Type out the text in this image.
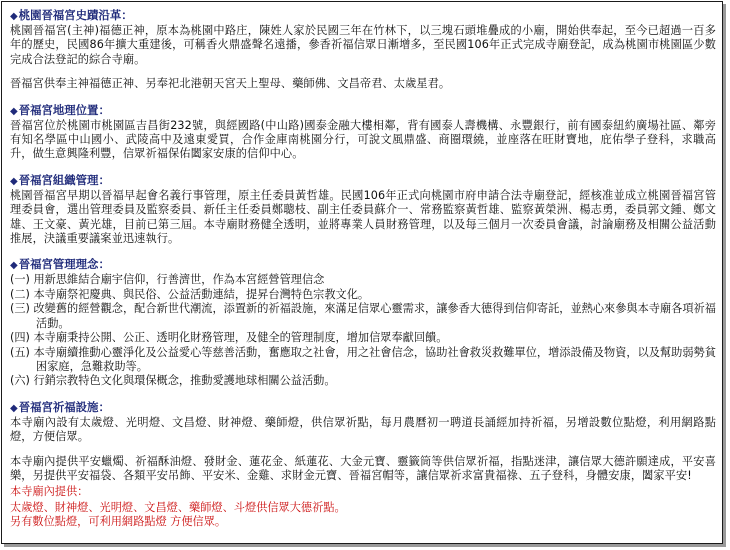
◆桃園晉福宮史蹟沿革：

桃園晉福宮(主神)福德正神，原本為桃園中路庄，陳姓人家於民國三年在竹林下，以三塊石頭堆疊成的小廟，開始供奉起，至今已超過一百多年的歷史，民國86年擴大重建後，可稱香火鼎盛聲名遠播，參香祈福信眾日漸增多，至民國106年正式完成寺廟登記，成為桃園市桃園區少數完成合法登記的綜合寺廟。

晉福宮供奉主神福德正神、另奉祀北港朝天宮天上聖母、藥師佛、文昌帝君、太歲星君。

◆晉福宮地理位置：

晉福宮位於桃園市桃園區吉昌街232號，與經國路(中山路)國泰金融大樓相鄰，背有國泰人壽機構、永豐銀行，前有國泰紐約廣場社區、鄰旁有知名學區中山國小、武陵高中及遠東愛買，合作金庫南桃園分行，可說文風鼎盛、商圈環繞，並座落在旺財寶地，庇佑學子登科，求職高升，做生意興隆利豐，信眾祈福保佑闔家安康的信仰中心。

◆晉福宮組織管理：

桃園晉福宮早期以晉福早起會名義行事管理，原主任委員黃哲雄。民國106年正式向桃園市府申請合法寺廟登記，經核准並成立桃園晉福宮管理委員會，選出管理委員及監察委員、新任主任委員鄭聰枝、副主任委員蘇介一、常務監察黃哲雄、監察黃榮洲、楊志勇，委員郭文鍾、鄭文雄、王文豪、黃光雄，目前已第三屆。本寺廟財務健全透明，並將專業人員財務管理，以及每三個月一次委員會議，討論廟務及相關公益活動推展，決議重要議案並迅速執行。

◆晉福宮管理理念：
(一) 用新思維結合廟宇信仰，行善濟世，作為本宮經營管理信念
(二) 本寺廟祭祀慶典、與民俗、公益活動連結，提昇台灣特色宗教文化。
(三) 改變舊的經營觀念，配合新世代潮流，添置新的祈福設施，來滿足信眾心靈需求，讓參香大德得到信仰寄託，並熱心來參與本寺廟各項祈福活動。
(四) 本寺廟秉持公開、公正、透明化財務管理，及健全的管理制度，增加信眾奉獻回饋。
(五) 本寺廟續推動心靈淨化及公益愛心等慈善活動，奮應取之社會，用之社會信念，協助社會救災救難單位，增添設備及物資，以及幫助弱勢貧困家庭，急難救助等。
(六) 行銷宗教特色文化與環保概念，推動愛護地球相關公益活動。
◆晉福宮祈福設施：

本寺廟內設有太歲燈、光明燈、文昌燈、財神燈、藥師燈，供信眾祈點，每月農曆初一聘道長誦經加持祈福，另增設數位點燈，利用網路點燈，方便信眾。

本寺廟內提供平安蠟燭、祈福酥油燈、發財金、蓮花金、紙蓮花、大金元寶、靈籤筒等供信眾祈福，指點迷津，讓信眾大德許願達成，平安喜樂，另提供平安福袋、各類平安吊飾、平安米、金雞、求財金元寶、晉福宮帽等，讓信眾祈求富貴福祿、五子登科，身體安康，闔家平安!

本寺廟內提供：
太歲燈、財神燈、光明燈、文昌燈、藥師燈、斗燈供信眾大德祈點。
另有數位點燈，可利用網路點燈 方便信眾。
